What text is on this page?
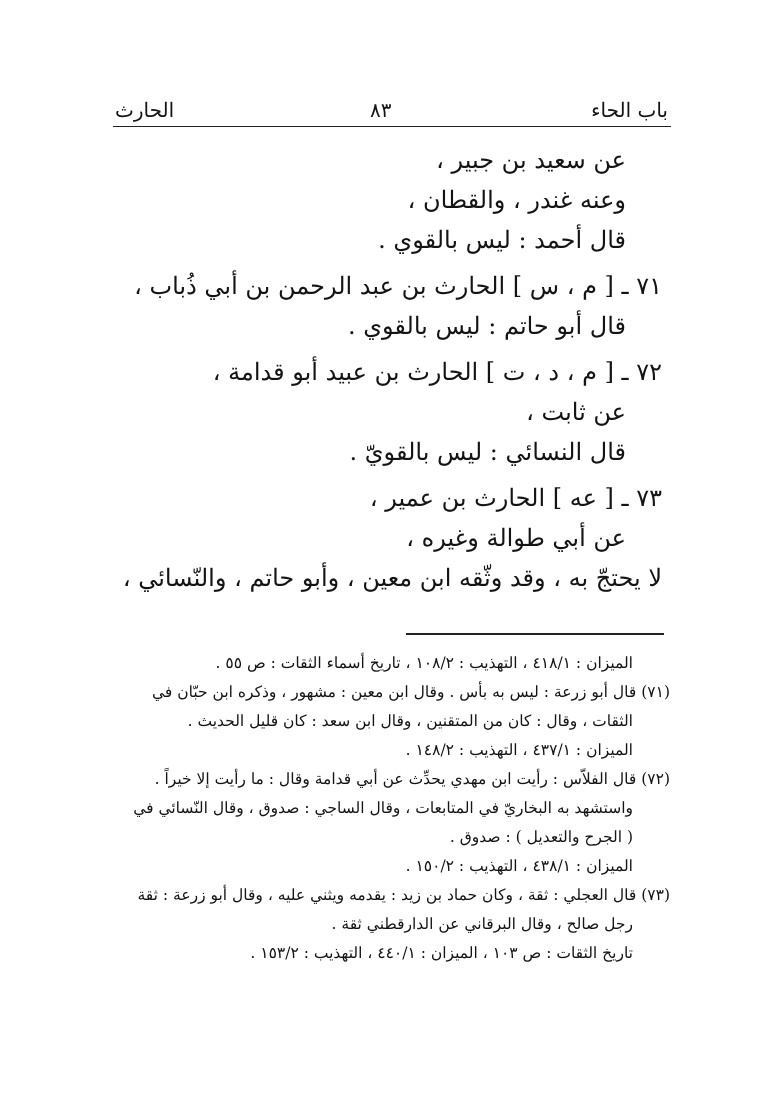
باب الحاء
٨٣
الحارث
عن سعيد بن جبير ،
وعنه غندر ، والقطان ،
قال أحمد : ليس بالقوي .
٧١ ـ [ م ، س ] الحارث بن عبد الرحمن بن أبي ذُباب ،
قال أبو حاتم : ليس بالقوي .
٧٢ ـ [ م ، د ، ت ] الحارث بن عبيد أبو قدامة ،
عن ثابت ،
قال النسائي : ليس بالقويّ .
٧٣ ـ [ عه ] الحارث بن عمير ،
عن أبي طوالة وغيره ،
لا يحتجّ به ، وقد وثّقه ابن معين ، وأبو حاتم ، والنّسائي ،
الميزان : ٤١٨/١ ، التهذيب : ١٠٨/٢ ، تاريخ أسماء الثقات : ص ٥٥ .
(٧١) قال أبو زرعة : ليس به بأس . وقال ابن معين : مشهور ، وذكره ابن حبّان في
الثقات ، وقال : كان من المتقنين ، وقال ابن سعد : كان قليل الحديث .
الميزان : ٤٣٧/١ ، التهذيب : ١٤٨/٢ .
(٧٢) قال الفلاّس : رأيت ابن مهدي يحدِّث عن أبي قدامة وقال : ما رأيت إلا خيراً .
واستشهد به البخاريّ في المتابعات ، وقال الساجي : صدوق ، وقال النّسائي في
( الجرح والتعديل ) : صدوق .
الميزان : ٤٣٨/١ ، التهذيب : ١٥٠/٢ .
(٧٣) قال العجلي : ثقة ، وكان حماد بن زيد : يقدمه ويثني عليه ، وقال أبو زرعة : ثقة
رجل صالح ، وقال البرقاني عن الدارقطني ثقة .
تاريخ الثقات : ص ١٠٣ ، الميزان : ٤٤٠/١ ، التهذيب : ١٥٣/٢ .
